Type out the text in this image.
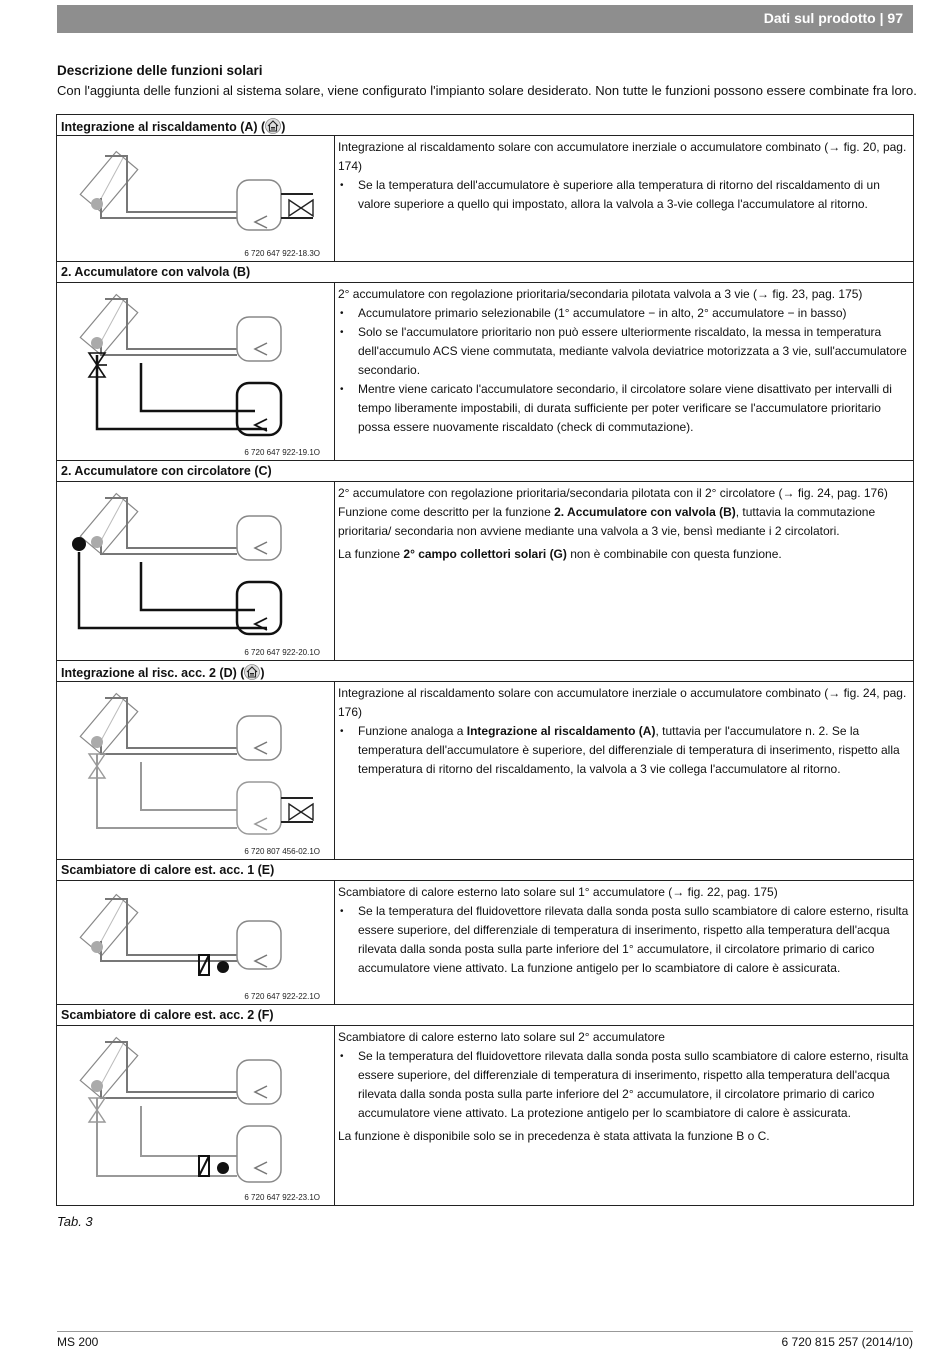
Dati sul prodotto | 97
Descrizione delle funzioni solari
Con l'aggiunta delle funzioni al sistema solare, viene configurato l'impianto solare desiderato. Non tutte le funzioni possono essere combinate fra loro.
Integrazione al riscaldamento (A) ( )
6 720 647 922-18.3O

Integrazione al riscaldamento solare con accumulatore inerziale o accumulatore combinato (→ fig. 20, pag. 174)

• Se la temperatura dell'accumulatore è superiore alla temperatura di ritorno del riscaldamento di un valore superiore a quello qui impostato, allora la valvola a 3-vie collega l'accumulatore al ritorno.
2. Accumulatore con valvola (B)
6 720 647 922-19.1O

2° accumulatore con regolazione prioritaria/secondaria pilotata valvola a 3 vie (→ fig. 23, pag. 175)

• Accumulatore primario selezionabile (1° accumulatore − in alto, 2° accumulatore − in basso)
• Solo se l'accumulatore prioritario non può essere ulteriormente riscaldato, la messa in temperatura dell'accumulo ACS viene commutata, mediante valvola deviatrice motorizzata a 3 vie, sull'accumulatore secondario.
• Mentre viene caricato l'accumulatore secondario, il circolatore solare viene disattivato per intervalli di tempo liberamente impostabili, di durata sufficiente per poter verificare se l'accumulatore prioritario possa essere nuovamente riscaldato (check di commutazione).
2. Accumulatore con circolatore (C)
6 720 647 922-20.1O

2° accumulatore con regolazione prioritaria/secondaria pilotata con il 2° circolatore (→ fig. 24, pag. 176)

Funzione come descritto per la funzione 2. Accumulatore con valvola (B), tuttavia la commutazione prioritaria/ secondaria non avviene mediante una valvola a 3 vie, bensì mediante i 2 circolatori.

La funzione 2° campo collettori solari (G) non è combinabile con questa funzione.

Integrazione al risc. acc. 2 (D) ( )
6 720 807 456-02.1O

Integrazione al riscaldamento solare con accumulatore inerziale o accumulatore combinato (→ fig. 24, pag. 176)

• Funzione analoga a Integrazione al riscaldamento (A), tuttavia per l'accumulatore n. 2. Se la temperatura dell'accumulatore è superiore, del differenziale di temperatura di inserimento, rispetto alla temperatura di ritorno del riscaldamento, la valvola a 3 vie collega l'accumulatore al ritorno.
Scambiatore di calore est. acc. 1 (E)
6 720 647 922-22.1O

Scambiatore di calore esterno lato solare sul 1° accumulatore (→ fig. 22, pag. 175)

• Se la temperatura del fluidovettore rilevata dalla sonda posta sullo scambiatore di calore esterno, risulta essere superiore, del differenziale di temperatura di inserimento, rispetto alla temperatura dell'acqua rilevata dalla sonda posta sulla parte inferiore del 1° accumulatore, il circolatore primario di carico accumulatore viene attivato. La funzione antigelo per lo scambiatore di calore è assicurata.
Scambiatore di calore est. acc. 2 (F)
6 720 647 922-23.1O

Scambiatore di calore esterno lato solare sul 2° accumulatore

• Se la temperatura del fluidovettore rilevata dalla sonda posta sullo scambiatore di calore esterno, risulta essere superiore, del differenziale di temperatura di inserimento, rispetto alla temperatura dell'acqua rilevata dalla sonda posta sulla parte inferiore del 2° accumulatore, il circolatore primario di carico accumulatore viene attivato. La protezione antigelo per lo scambiatore di calore è assicurata.

La funzione è disponibile solo se in precedenza è stata attivata la funzione B o C.

Tab. 3
MS 200	6 720 815 257 (2014/10)
